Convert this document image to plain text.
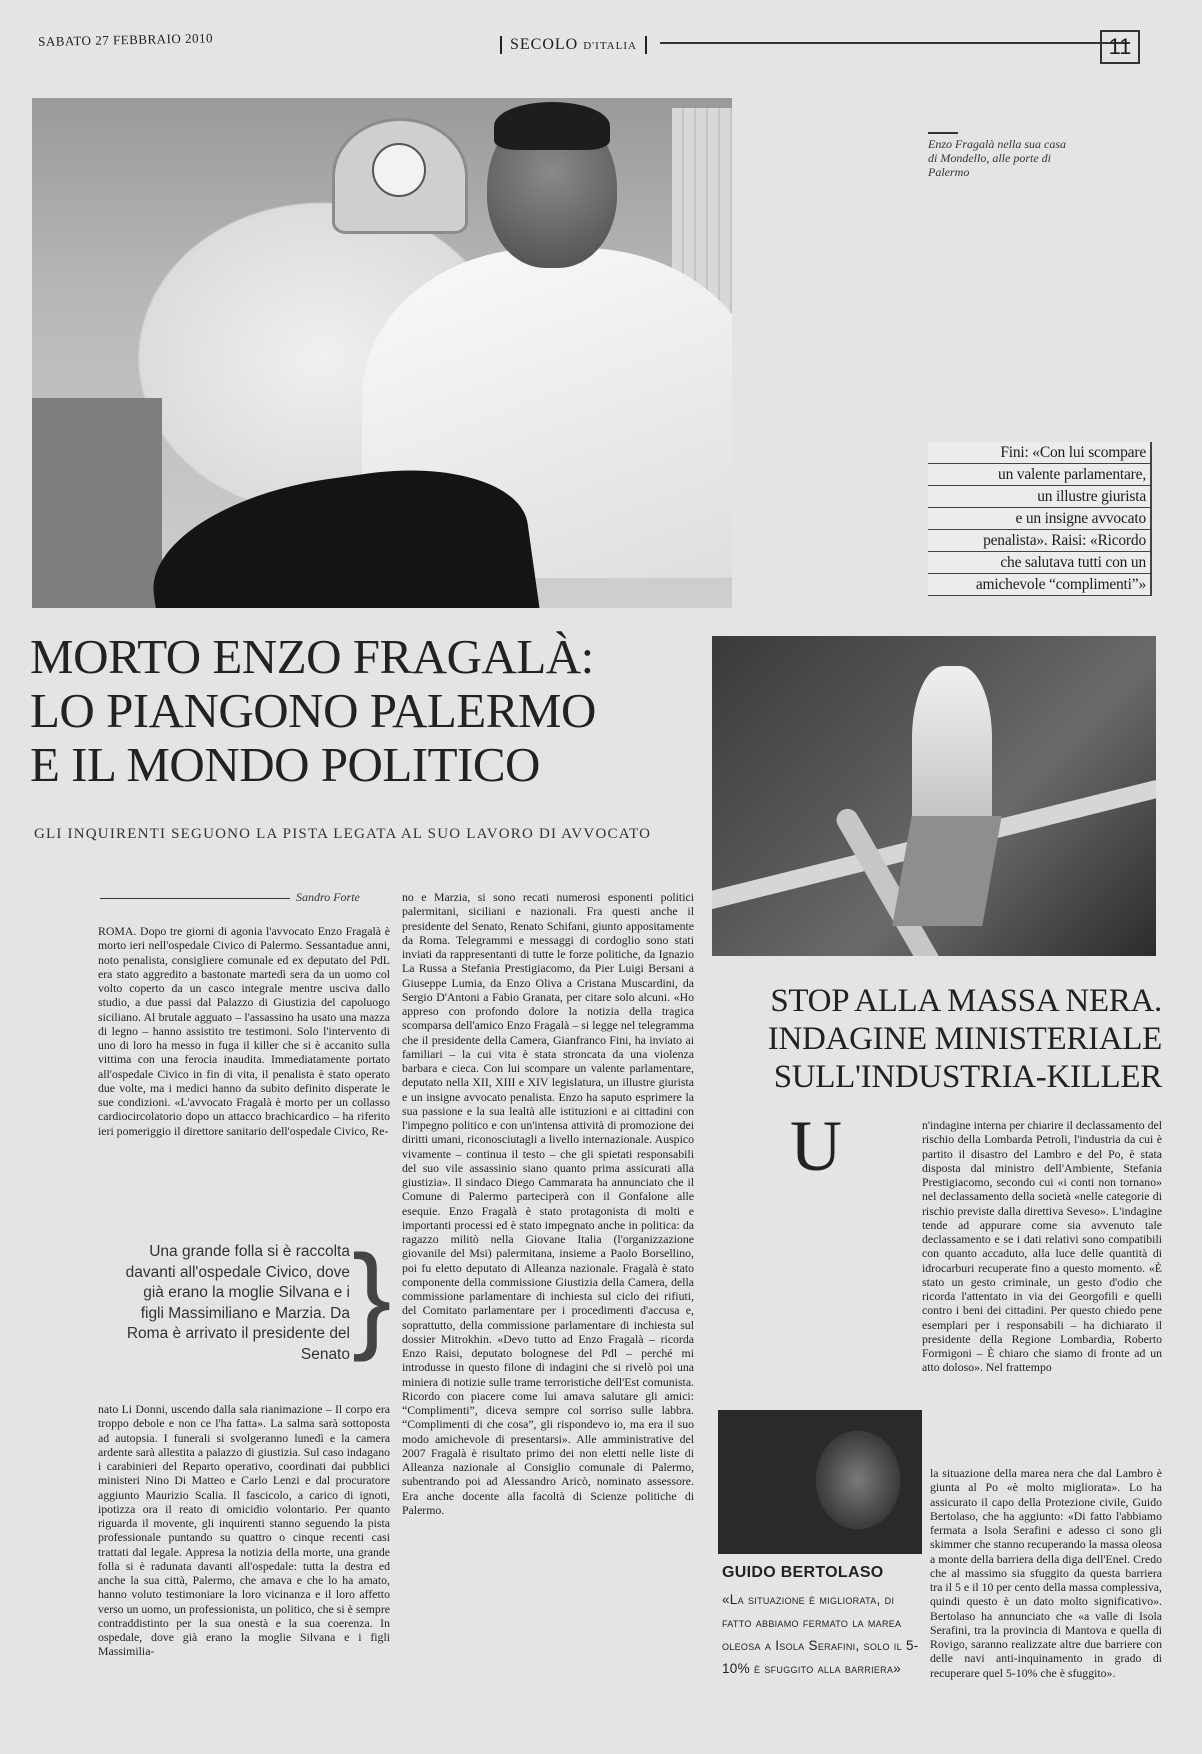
SABATO 27 FEBBRAIO 2010	SECOLO D'ITALIA	11
Enzo Fragalà nella sua casa di Mondello, alle porte di Palermo
Fini: «Con lui scompare
un valente parlamentare,
un illustre giurista
e un insigne avvocato
penalista». Raisi: «Ricordo
che salutava tutti con un
amichevole “complimenti”»
MORTO ENZO FRAGALÀ:
LO PIANGONO PALERMO
E IL MONDO POLITICO
GLI INQUIRENTI SEGUONO LA PISTA LEGATA AL SUO LAVORO DI AVVOCATO
Sandro Forte

ROMA. Dopo tre giorni di agonia l'avvocato Enzo Fragalà è morto ieri nell'ospedale Civico di Palermo. Sessantadue anni, noto penalista, consigliere comunale ed ex deputato del PdL era stato aggredito a bastonate martedì sera da un uomo col volto coperto da un casco integrale mentre usciva dallo studio, a due passi dal Palazzo di Giustizia del capoluogo siciliano. Al brutale agguato – l'assassino ha usato una mazza di legno – hanno assistito tre testimoni. Solo l'intervento di uno di loro ha messo in fuga il killer che si è accanito sulla vittima con una ferocia inaudita. Immediatamente portato all'ospedale Civico in fin di vita, il penalista è stato operato due volte, ma i medici hanno da subito definito disperate le sue condizioni. «L'avvocato Fragalà è morto per un collasso cardiocircolatorio dopo un attacco brachicardico – ha riferito ieri pomeriggio il direttore sanitario dell'ospedale Civico, Re-

Una grande folla si è raccolta davanti all'ospedale Civico, dove già erano la moglie Silvana e i figli Massimiliano e Marzia. Da Roma è arrivato il presidente del Senato }

nato Li Donni, uscendo dalla sala rianimazione – Il corpo era troppo debole e non ce l'ha fatta». La salma sarà sottoposta ad autopsia. I funerali si svolgeranno lunedì e la camera ardente sarà allestita a palazzo di giustizia. Sul caso indagano i carabinieri del Reparto operativo, coordinati dai pubblici ministeri Nino Di Matteo e Carlo Lenzi e dal procuratore aggiunto Maurizio Scalia. Il fascicolo, a carico di ignoti, ipotizza ora il reato di omicidio volontario. Per quanto riguarda il movente, gli inquirenti stanno seguendo la pista professionale puntando su quattro o cinque recenti casi trattati dal legale. Appresa la notizia della morte, una grande folla si è radunata davanti all'ospedale: tutta la destra ed anche la sua città, Palermo, che amava e che lo ha amato, hanno voluto testimoniare la loro vicinanza e il loro affetto verso un uomo, un professionista, un politico, che si è sempre contraddistinto per la sua onestà e la sua coerenza. In ospedale, dove già erano la moglie Silvana e i figli Massimilia-

no e Marzia, si sono recati numerosi esponenti politici palermitani, siciliani e nazionali. Fra questi anche il presidente del Senato, Renato Schifani, giunto appositamente da Roma. Telegrammi e messaggi di cordoglio sono stati inviati da rappresentanti di tutte le forze politiche, da Ignazio La Russa a Stefania Prestigiacomo, da Pier Luigi Bersani a Giuseppe Lumia, da Enzo Oliva a Cristana Muscardini, da Sergio D'Antoni a Fabio Granata, per citare solo alcuni. «Ho appreso con profondo dolore la notizia della tragica scomparsa dell'amico Enzo Fragalà – si legge nel telegramma che il presidente della Camera, Gianfranco Fini, ha inviato ai familiari – la cui vita è stata stroncata da una violenza barbara e cieca. Con lui scompare un valente parlamentare, deputato nella XII, XIII e XIV legislatura, un illustre giurista e un insigne avvocato penalista. Enzo ha saputo esprimere la sua passione e la sua lealtà alle istituzioni e ai cittadini con l'impegno politico e con un'intensa attività di promozione dei diritti umani, riconosciutagli a livello internazionale. Auspico vivamente – continua il testo – che gli spietati responsabili del suo vile assassinio siano quanto prima assicurati alla giustizia». Il sindaco Diego Cammarata ha annunciato che il Comune di Palermo parteciperà con il Gonfalone alle esequie. Enzo Fragalà è stato protagonista di molti e importanti processi ed è stato impegnato anche in politica: da ragazzo militò nella Giovane Italia (l'organizzazione giovanile del Msi) palermitana, insieme a Paolo Borsellino, poi fu eletto deputato di Alleanza nazionale. Fragalà è stato componente della commissione Giustizia della Camera, della commissione parlamentare di inchiesta sul ciclo dei rifiuti, del Comitato parlamentare per i procedimenti d'accusa e, soprattutto, della commissione parlamentare di inchiesta sul dossier Mitrokhin. «Devo tutto ad Enzo Fragalà – ricorda Enzo Raisi, deputato bolognese del Pdl – perché mi introdusse in questo filone di indagini che si rivelò poi una miniera di notizie sulle trame terroristiche dell'Est comunista. Ricordo con piacere come lui amava salutare gli amici: “Complimenti”, diceva sempre col sorriso sulle labbra. “Complimenti di che cosa”, gli rispondevo io, ma era il suo modo amichevole di presentarsi». Alle amministrative del 2007 Fragalà è risultato primo dei non eletti nelle liste di Alleanza nazionale al Consiglio comunale di Palermo, subentrando poi ad Alessandro Aricò, nominato assessore. Era anche docente alla facoltà di Scienze politiche di Palermo.

STOP ALLA MASSA NERA.
INDAGINE MINISTERIALE
SULL'INDUSTRIA-KILLER
U	n'indagine interna per chiarire il declassamento del rischio della Lombarda Petroli, l'industria da cui è partito il disastro del Lambro e del Po, è stata disposta dal ministro dell'Ambiente, Stefania Prestigiacomo, secondo cui «i conti non tornano» nel declassamento della società «nelle categorie di rischio previste dalla direttiva Seveso». L'indagine tende ad appurare come sia avvenuto tale declassamento e se i dati relativi sono compatibili con quanto accaduto, alla luce delle quantità di idrocarburi recuperate fino a questo momento. «È stato un gesto criminale, un gesto d'odio che ricorda l'attentato in via dei Georgofili e quelli contro i beni dei cittadini. Per questo chiedo pene esemplari per i responsabili – ha dichiarato il presidente della Regione Lombardia, Roberto Formigoni – È chiaro che siamo di fronte ad un atto doloso». Nel frattempo

la situazione della marea nera che dal Lambro è giunta al Po «è molto migliorata». Lo ha assicurato il capo della Protezione civile, Guido Bertolaso, che ha aggiunto: «Di fatto l'abbiamo fermata a Isola Serafini e adesso ci sono gli skimmer che stanno recuperando la massa oleosa a monte della barriera della diga dell'Enel. Credo che al massimo sia sfuggito da questa barriera tra il 5 e il 10 per cento della massa complessiva, quindi questo è un dato molto significativo». Bertolaso ha annunciato che «a valle di Isola Serafini, tra la provincia di Mantova e quella di Rovigo, saranno realizzate altre due barriere con delle navi anti-inquinamento in grado di recuperare quel 5-10% che è sfuggito».

GUIDO BERTOLASO
«La situazione è migliorata, di fatto abbiamo fermato la marea oleosa a Isola Serafini, solo il 5-10% è sfuggito alla barriera»
